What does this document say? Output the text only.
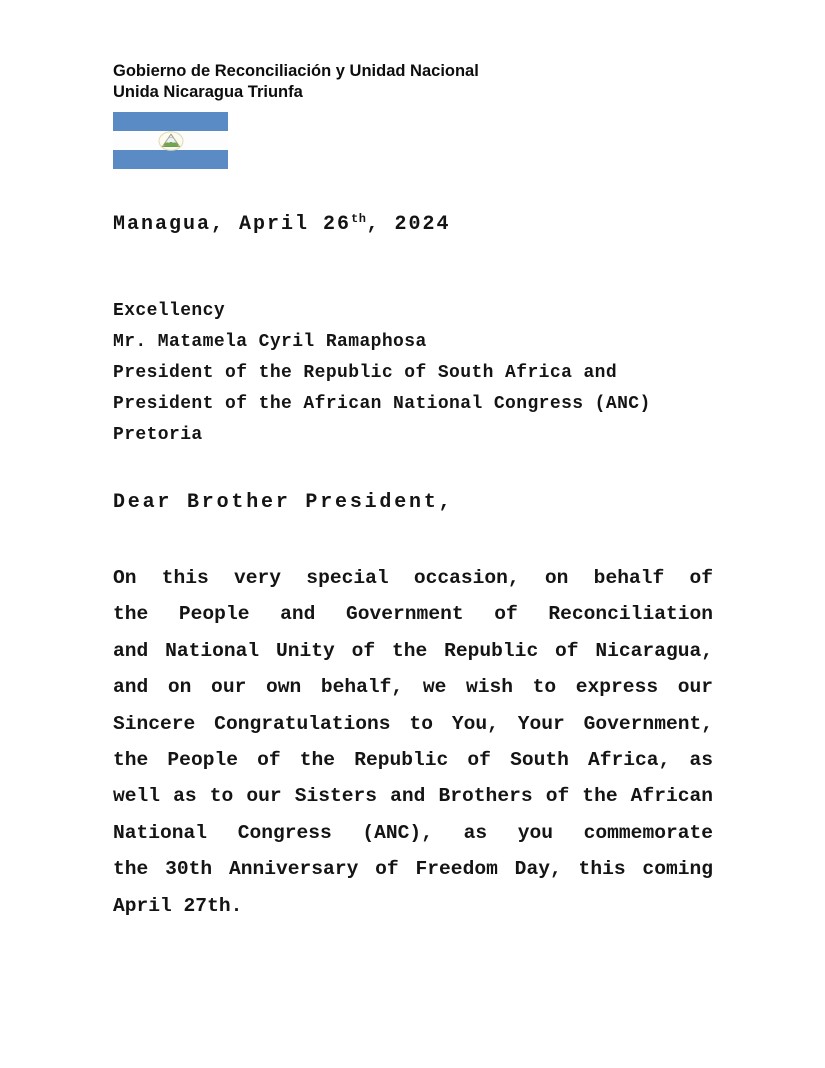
Gobierno de Reconciliación y Unidad Nacional
Unida Nicaragua Triunfa
Managua, April 26th, 2024
Excellency
Mr. Matamela Cyril Ramaphosa
President of the Republic of South Africa and
President of the African National Congress (ANC)
Pretoria
Dear Brother President,
On this very special occasion, on behalf of
the People and Government of Reconciliation
and National Unity of the Republic of Nicaragua,
and on our own behalf, we wish to express our
Sincere Congratulations to You, Your Government,
the People of the Republic of South Africa, as
well as to our Sisters and Brothers of the African
National Congress (ANC), as you commemorate
the 30th Anniversary of Freedom Day, this coming
April 27th.
